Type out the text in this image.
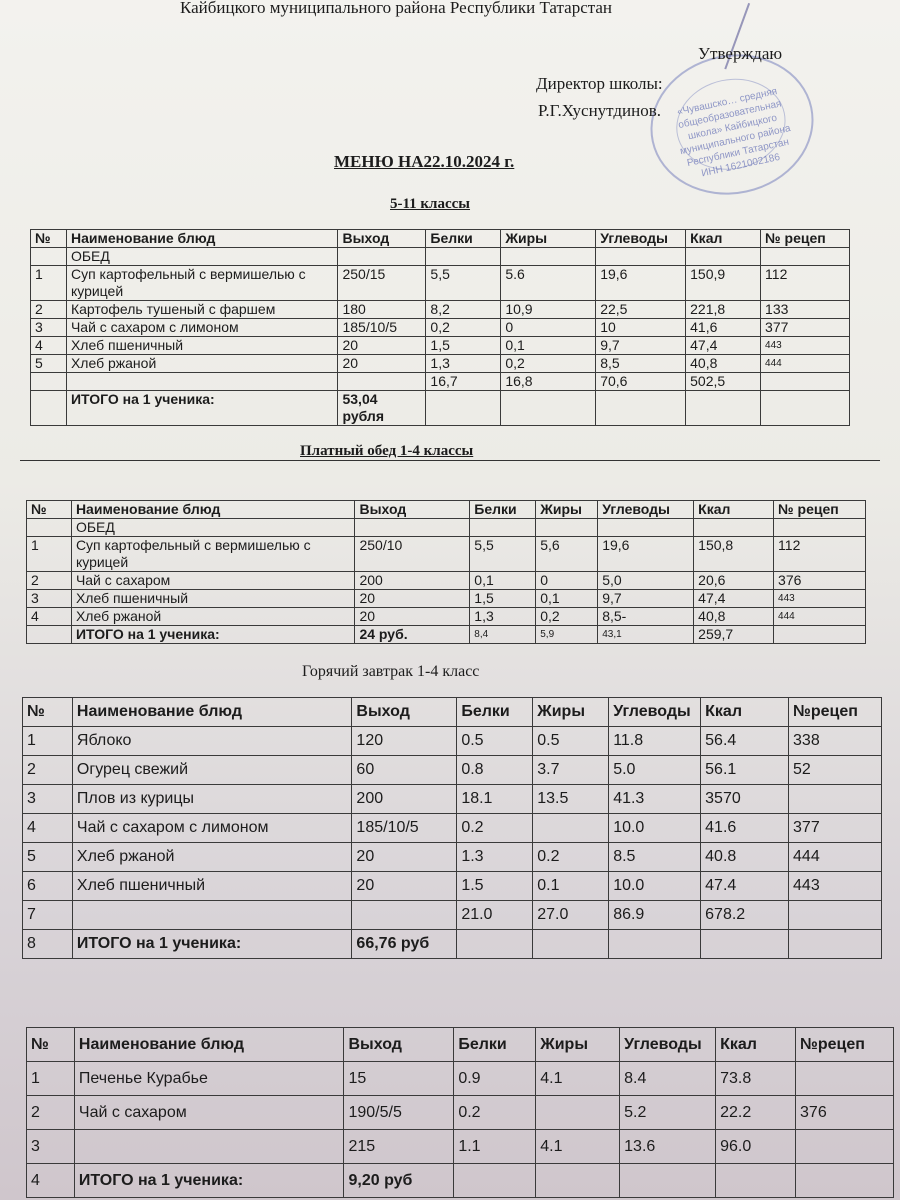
Кайбицкого муниципального района Республики Татарстан
«Чувашско… средняя общеобразовательная школа» Кайбицкого муниципального района Республики Татарстан ИНН 1621002186
Утверждаю
Директор школы:
Р.Г.Хуснутдинов.
МЕНЮ НА22.10.2024 г.
5-11 классы
№	Наименование блюд	Выход	Белки	Жиры	Углеводы	Ккал	№ рецеп
	ОБЕД						
1	Суп картофельный с вермишелью с курицей	250/15	5,5	5.6	19,6	150,9	112
2	Картофель тушеный с фаршем	180	8,2	10,9	22,5	221,8	133
3	Чай с сахаром с лимоном	185/10/5	0,2	0	10	41,6	377
4	Хлеб пшеничный	20	1,5	0,1	9,7	47,4	443
5	Хлеб ржаной	20	1,3	0,2	8,5	40,8	444
			16,7	16,8	70,6	502,5	
	ИТОГО на 1 ученика:	53,04 рубля					
Платный обед 1-4 классы
№	Наименование блюд	Выход	Белки	Жиры	Углеводы	Ккал	№ рецеп
	ОБЕД						
1	Суп картофельный с вермишелью с курицей	250/10	5,5	5,6	19,6	150,8	112
2	Чай с сахаром	200	0,1	0	5,0	20,6	376
3	Хлеб пшеничный	20	1,5	0,1	9,7	47,4	443
4	Хлеб ржаной	20	1,3	0,2	8,5-	40,8	444
	ИТОГО на 1 ученика:	24 руб.	8,4	5,9	43,1	259,7	
Горячий завтрак 1-4 класс
№	Наименование блюд	Выход	Белки	Жиры	Углеводы	Ккал	№рецеп
1	Яблоко	120	0.5	0.5	11.8	56.4	338
2	Огурец свежий	60	0.8	3.7	5.0	56.1	52
3	Плов из курицы	200	18.1	13.5	41.3	3570	
4	Чай с сахаром с лимоном	185/10/5	0.2		10.0	41.6	377
5	Хлеб ржаной	20	1.3	0.2	8.5	40.8	444
6	Хлеб пшеничный	20	1.5	0.1	10.0	47.4	443
7			21.0	27.0	86.9	678.2	
8	ИТОГО на 1 ученика:	66,76 руб					
№	Наименование блюд	Выход	Белки	Жиры	Углеводы	Ккал	№рецеп
1	Печенье Курабье	15	0.9	4.1	8.4	73.8	
2	Чай с сахаром	190/5/5	0.2		5.2	22.2	376
3		215	1.1	4.1	13.6	96.0	
4	ИТОГО на 1 ученика:	9,20 руб					
